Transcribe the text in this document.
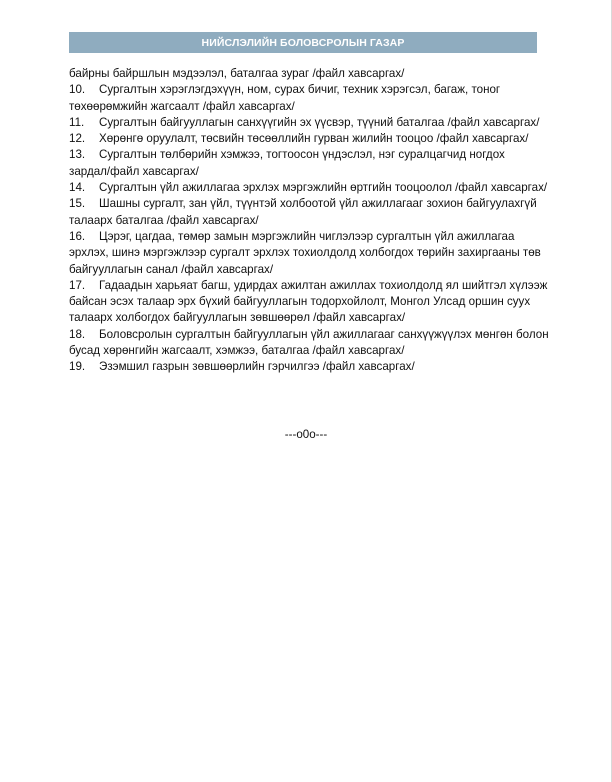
НИЙСЛЭЛИЙН БОЛОВСРОЛЫН ГАЗАР

байрны байршлын мэдээлэл, баталгаа зураг /файл хавсаргах/

10. Сургалтын хэрэглэгдэхүүн, ном, сурах бичиг, техник хэрэгсэл, багаж, тоног төхөөрөмжийн жагсаалт /файл хавсаргах/

11. Сургалтын байгууллагын санхүүгийн эх үүсвэр, түүний баталгаа /файл хавсаргах/

12. Хөрөнгө оруулалт, төсвийн төсөөллийн гурван жилийн тооцоо /файл хавсаргах/

13. Сургалтын төлбөрийн хэмжээ, тогтоосон үндэслэл, нэг суралцагчид ногдох зардал/файл хавсаргах/

14. Сургалтын үйл ажиллагаа эрхлэх мэргэжлийн өртгийн тооцоолол /файл хавсаргах/

15. Шашны сургалт, зан үйл, түүнтэй холбоотой үйл ажиллагааг зохион байгуулахгүй талаарх баталгаа /файл хавсаргах/

16. Цэрэг, цагдаа, төмөр замын мэргэжлийн чиглэлээр сургалтын үйл ажиллагаа эрхлэх, шинэ мэргэжлээр сургалт эрхлэх тохиолдолд холбогдох төрийн захиргааны төв байгууллагын санал /файл хавсаргах/

17. Гадаадын харьяат багш, удирдах ажилтан ажиллах тохиолдолд ял шийтгэл хүлээж байсан эсэх талаар эрх бүхий байгууллагын тодорхойлолт, Монгол Улсад оршин суух талаарх холбогдох байгууллагын зөвшөөрөл /файл хавсаргах/

18. Боловсролын сургалтын байгууллагын үйл ажиллагааг санхүүжүүлэх мөнгөн болон бусад хөрөнгийн жагсаалт, хэмжээ, баталгаа /файл хавсаргах/

19. Эзэмшил газрын зөвшөөрлийн гэрчилгээ /файл хавсаргах/

---о0о---
